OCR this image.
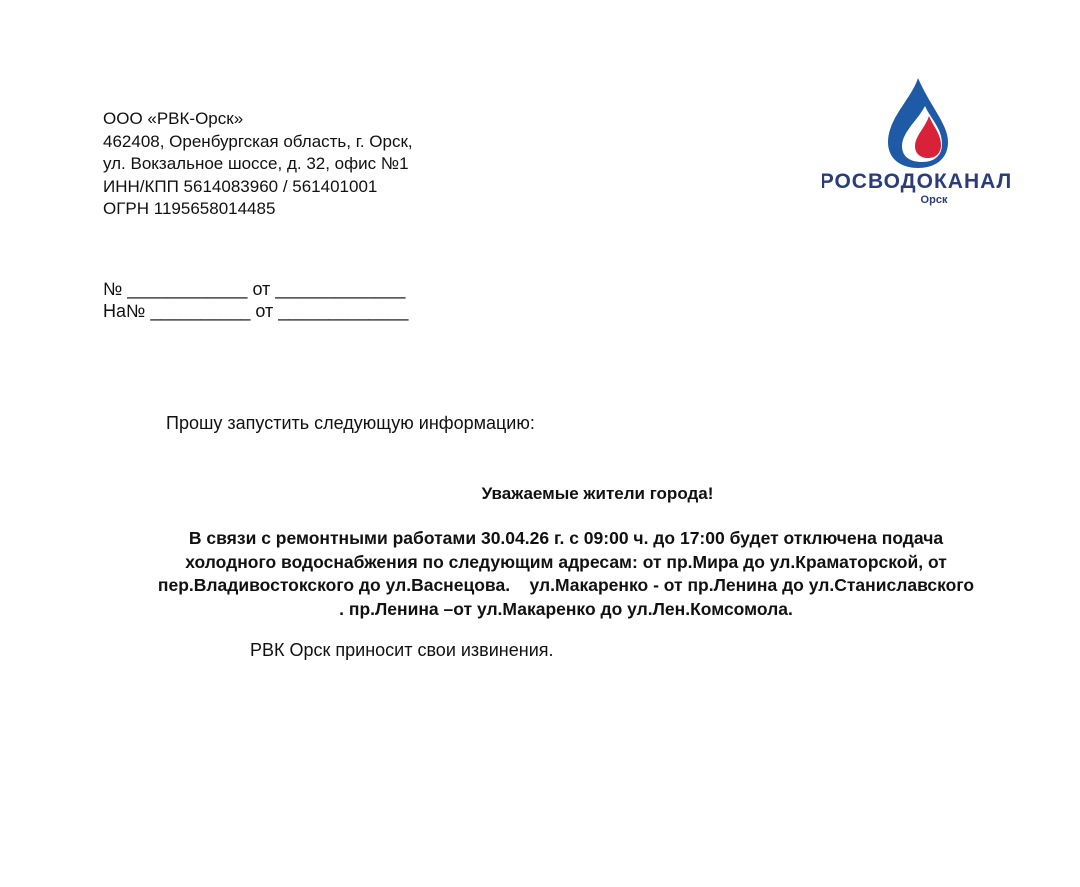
ООО «РВК-Орск»
462408, Оренбургская область, г. Орск,
ул. Вокзальное шоссе, д. 32, офис №1
ИНН/КПП 5614083960 / 561401001
ОГРН 1195658014485
РОСВОДОКАНАЛ
Орск
№ ____________ от _____________
На№ __________ от _____________
Прошу запустить следующую информацию:
Уважаемые жители города!
В связи с ремонтными работами 30.04.26 г. с 09:00 ч. до 17:00 будет отключена подача
холодного водоснабжения по следующим адресам: от пр.Мира до ул.Краматорской, от
пер.Владивостокского до ул.Васнецова.    ул.Макаренко - от пр.Ленина до ул.Станиславского
. пр.Ленина –от ул.Макаренко до ул.Лен.Комсомола.
РВК Орск приносит свои извинения.
